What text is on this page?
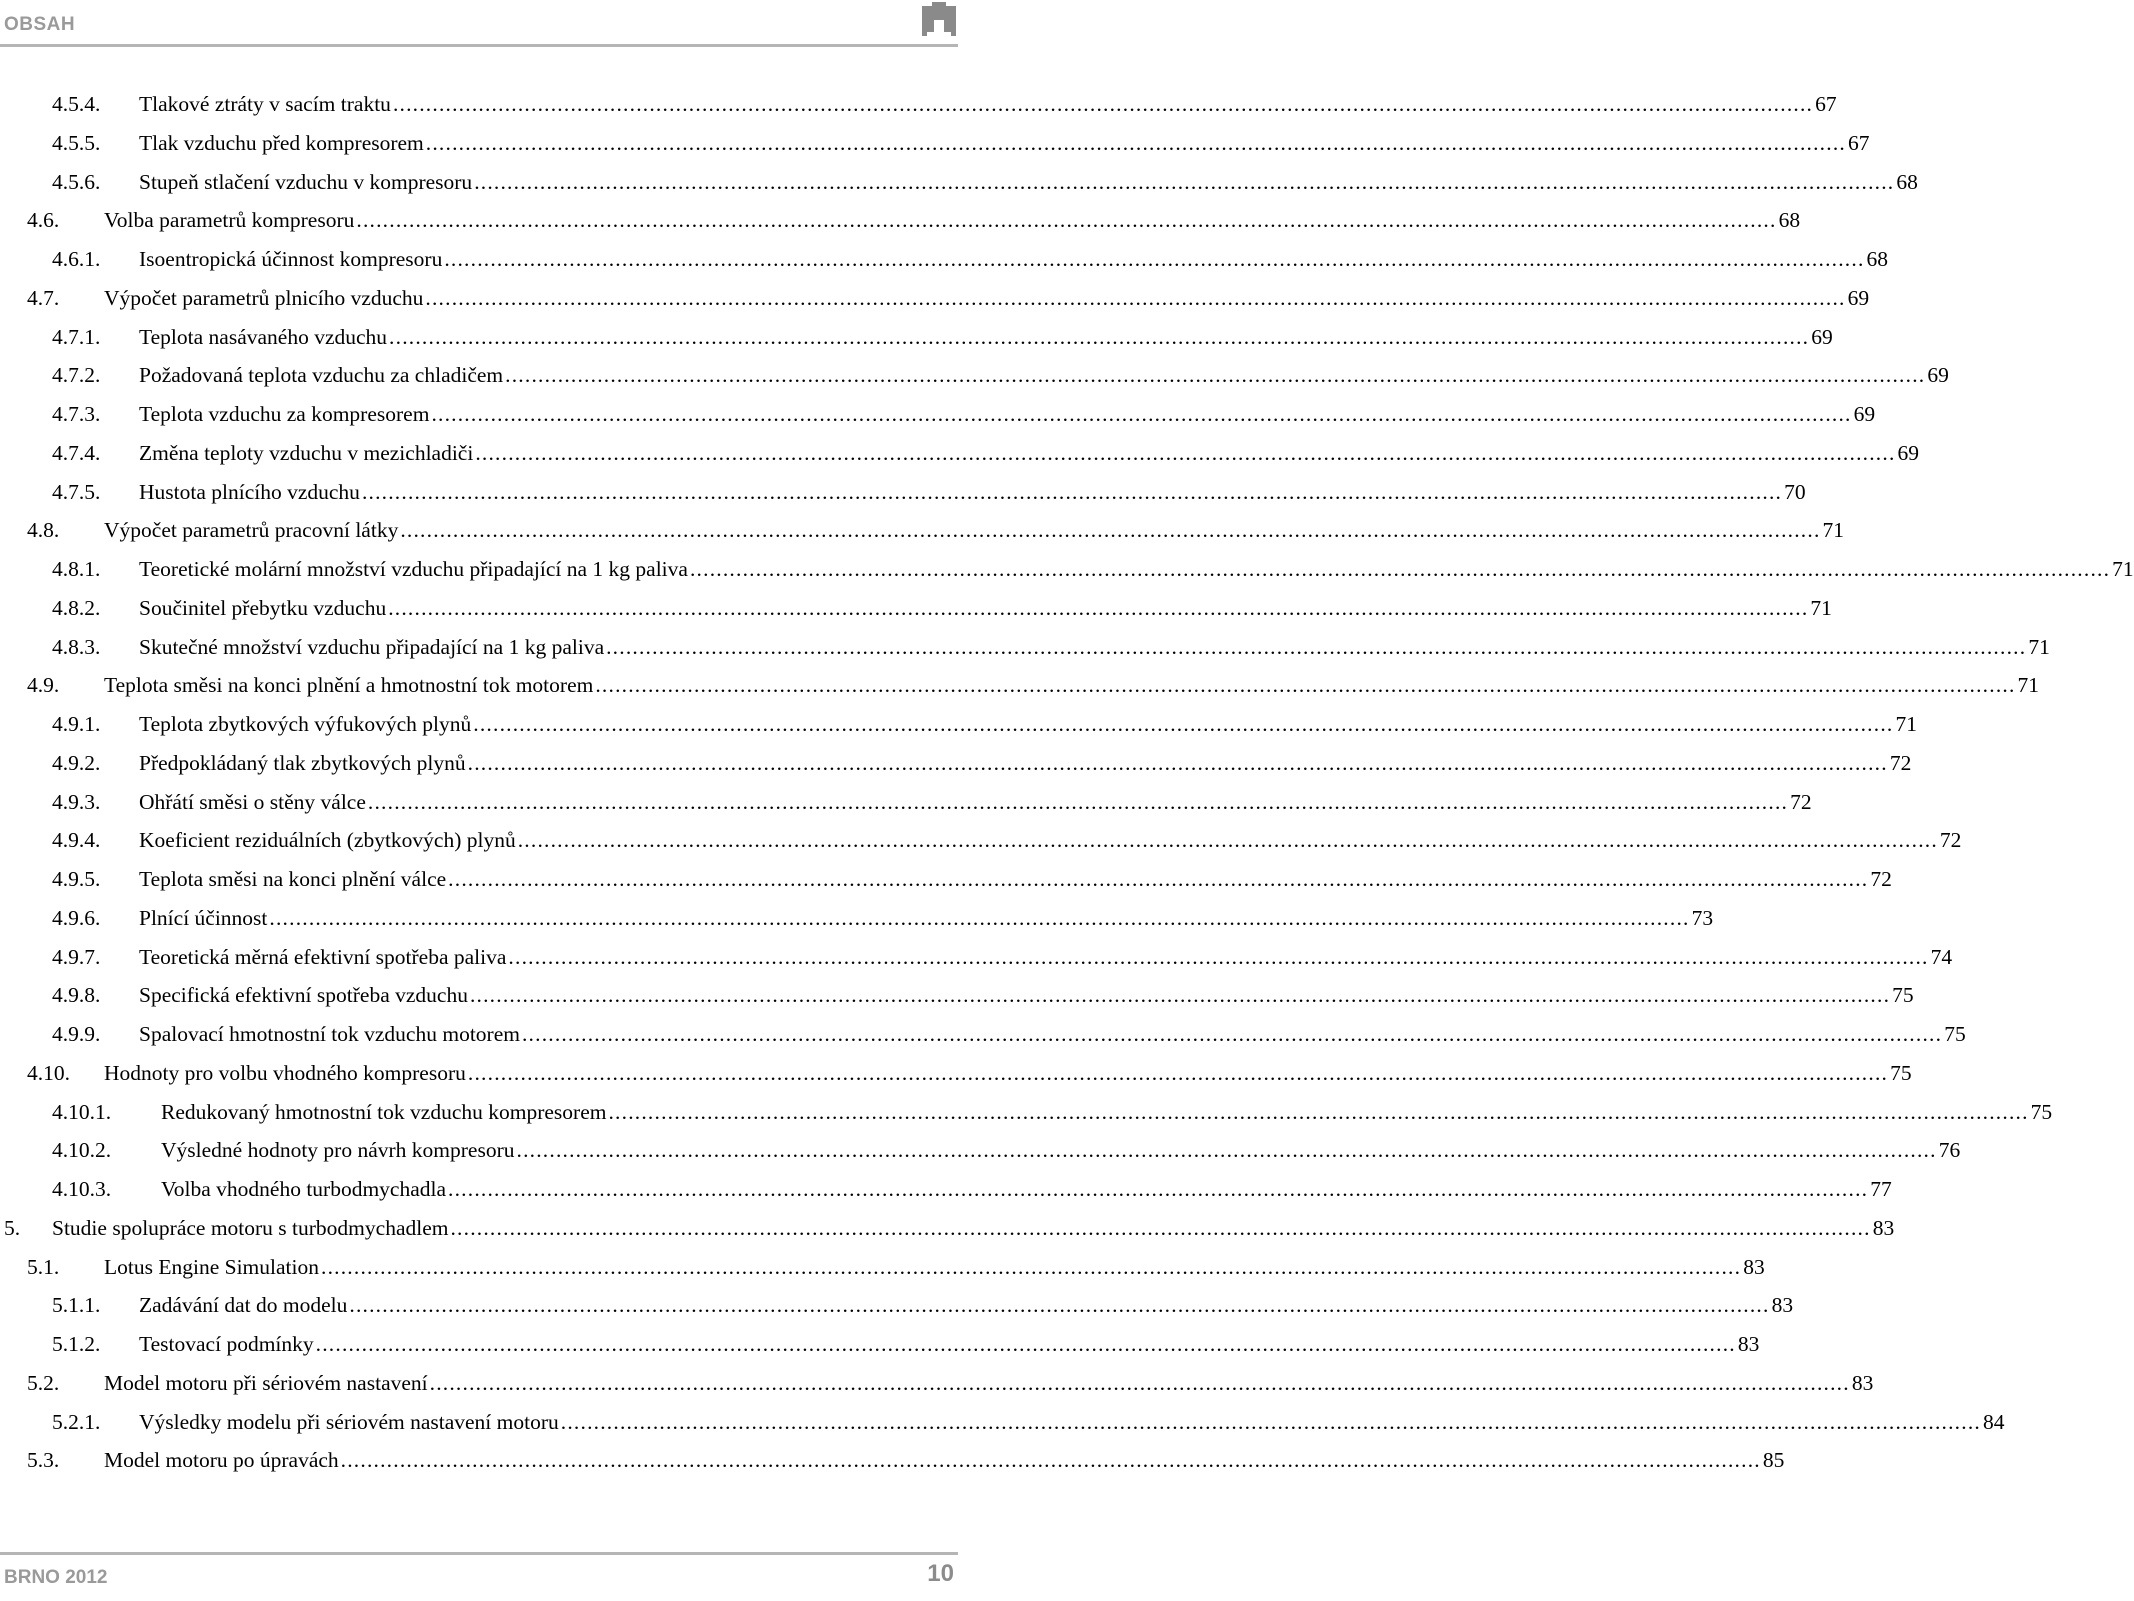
OBSAH
4.5.4.	Tlakové ztráty v sacím traktu .....	67
4.5.5.	Tlak vzduchu před kompresorem .....	67
4.5.6.	Stupeň stlačení vzduchu v kompresoru .....	68
4.6.	Volba parametrů kompresoru .....	68
4.6.1.	Isoentropická účinnost kompresoru .....	68
4.7.	Výpočet parametrů plnicího vzduchu .....	69
4.7.1.	Teplota nasávaného vzduchu .....	69
4.7.2.	Požadovaná teplota vzduchu za chladičem .....	69
4.7.3.	Teplota vzduchu za kompresorem .....	69
4.7.4.	Změna teploty vzduchu v mezichladiči .....	69
4.7.5.	Hustota plnícího vzduchu .....	70
4.8.	Výpočet parametrů pracovní látky .....	71
4.8.1.	Teoretické molární množství vzduchu připadající na 1 kg paliva .....	71
4.8.2.	Součinitel přebytku vzduchu .....	71
4.8.3.	Skutečné množství vzduchu připadající na 1 kg paliva .....	71
4.9.	Teplota směsi na konci plnění a hmotnostní tok motorem .....	71
4.9.1.	Teplota zbytkových výfukových plynů .....	71
4.9.2.	Předpokládaný tlak zbytkových plynů .....	72
4.9.3.	Ohřátí směsi o stěny válce .....	72
4.9.4.	Koeficient reziduálních (zbytkových) plynů .....	72
4.9.5.	Teplota směsi na konci plnění válce .....	72
4.9.6.	Plnící účinnost .....	73
4.9.7.	Teoretická měrná efektivní spotřeba paliva .....	74
4.9.8.	Specifická efektivní spotřeba vzduchu .....	75
4.9.9.	Spalovací hmotnostní tok vzduchu motorem .....	75
4.10.	Hodnoty pro volbu vhodného kompresoru .....	75
4.10.1.	Redukovaný hmotnostní tok vzduchu kompresorem .....	75
4.10.2.	Výsledné hodnoty pro návrh kompresoru .....	76
4.10.3.	Volba vhodného turbodmychadla .....	77
5.	Studie spolupráce motoru s turbodmychadlem .....	83
5.1.	Lotus Engine Simulation .....	83
5.1.1.	Zadávání dat do modelu .....	83
5.1.2.	Testovací podmínky .....	83
5.2.	Model motoru při sériovém nastavení .....	83
5.2.1.	Výsledky modelu při sériovém nastavení motoru .....	84
5.3.	Model motoru po úpravách .....	85
BRNO 2012	10
